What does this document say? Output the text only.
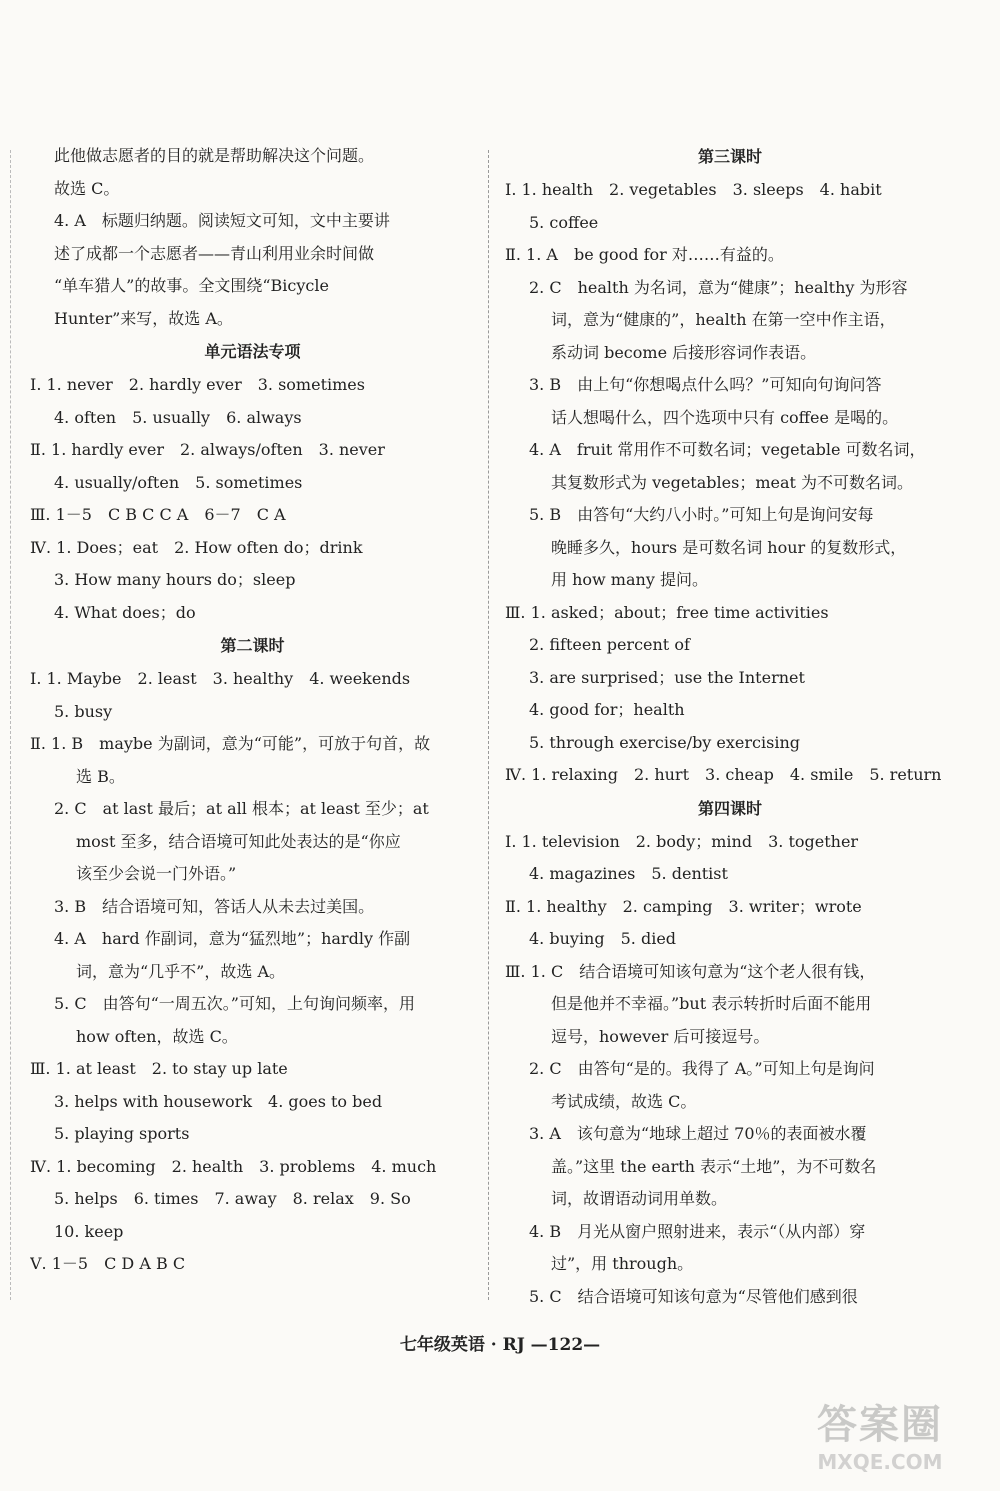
此他做志愿者的目的就是帮助解决这个问题。
故选 C。
4. A　标题归纳题。阅读短文可知，文中主要讲
述了成都一个志愿者——青山利用业余时间做
“单车猎人”的故事。全文围绕“Bicycle
Hunter”来写，故选 A。
单元语法专项
Ⅰ. 1. never　2. hardly ever　3. sometimes
4. often　5. usually　6. always
Ⅱ. 1. hardly ever　2. always/often　3. never
4. usually/often　5. sometimes
Ⅲ. 1－5　C B C C A　6－7　C A
Ⅳ. 1. Does；eat　2. How often do；drink
3. How many hours do；sleep
4. What does；do
第二课时
Ⅰ. 1. Maybe　2. least　3. healthy　4. weekends
5. busy
Ⅱ. 1. B　maybe 为副词，意为“可能”，可放于句首，故
选 B。
2. C　at last 最后；at all 根本；at least 至少；at
most 至多，结合语境可知此处表达的是“你应
该至少会说一门外语。”
3. B　结合语境可知，答话人从未去过美国。
4. A　hard 作副词，意为“猛烈地”；hardly 作副
词，意为“几乎不”，故选 A。
5. C　由答句“一周五次。”可知，上句询问频率，用
how often，故选 C。
Ⅲ. 1. at least　2. to stay up late
3. helps with housework　4. goes to bed
5. playing sports
Ⅳ. 1. becoming　2. health　3. problems　4. much
5. helps　6. times　7. away　8. relax　9. So
10. keep
Ⅴ. 1－5　C D A B C
第三课时
Ⅰ. 1. health　2. vegetables　3. sleeps　4. habit
5. coffee
Ⅱ. 1. A　be good for 对……有益的。
2. C　health 为名词，意为“健康”；healthy 为形容
词，意为“健康的”，health 在第一空中作主语，
系动词 become 后接形容词作表语。
3. B　由上句“你想喝点什么吗？”可知向句询问答
话人想喝什么，四个选项中只有 coffee 是喝的。
4. A　fruit 常用作不可数名词；vegetable 可数名词，
其复数形式为 vegetables；meat 为不可数名词。
5. B　由答句“大约八小时。”可知上句是询问安每
晚睡多久，hours 是可数名词 hour 的复数形式，
用 how many 提问。
Ⅲ. 1. asked；about；free time activities
2. fifteen percent of
3. are surprised；use the Internet
4. good for；health
5. through exercise/by exercising
Ⅳ. 1. relaxing　2. hurt　3. cheap　4. smile　5. return
第四课时
Ⅰ. 1. television　2. body；mind　3. together
4. magazines　5. dentist
Ⅱ. 1. healthy　2. camping　3. writer；wrote
4. buying　5. died
Ⅲ. 1. C　结合语境可知该句意为“这个老人很有钱，
但是他并不幸福。”but 表示转折时后面不能用
逗号，however 后可接逗号。
2. C　由答句“是的。我得了 A。”可知上句是询问
考试成绩，故选 C。
3. A　该句意为“地球上超过 70％的表面被水覆
盖。”这里 the earth 表示“土地”，为不可数名
词，故谓语动词用单数。
4. B　月光从窗户照射进来，表示“（从内部）穿
过”，用 through。
5. C　结合语境可知该句意为“尽管他们感到很
七年级英语 · RJ —122—
答案圈
MXQE.COM
